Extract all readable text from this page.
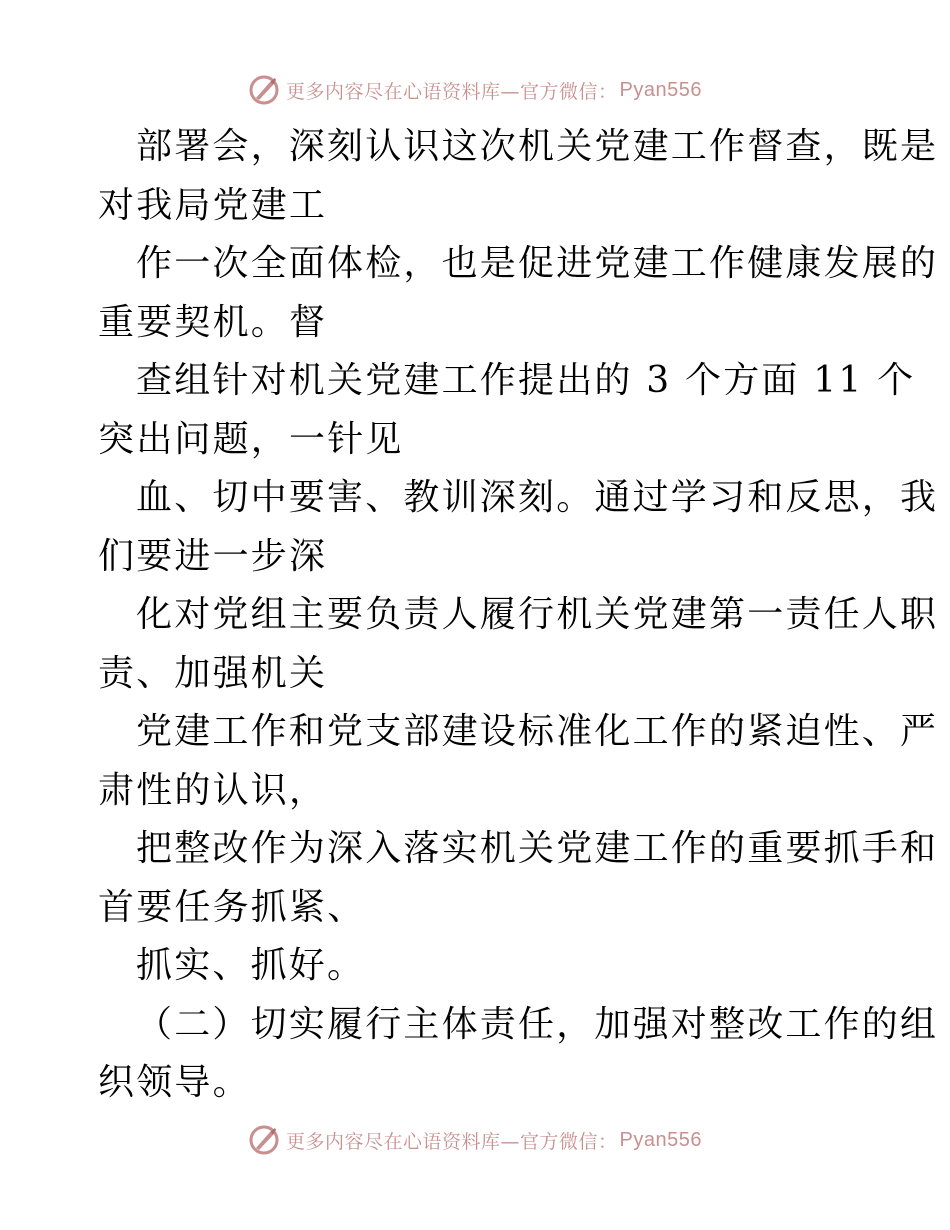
更多内容尽在心语资料库—官方微信： Pyan556
部署会，深刻认识这次机关党建工作督查，既是
对我局党建工
作一次全面体检，也是促进党建工作健康发展的
重要契机。督
查组针对机关党建工作提出的 3 个方面 11 个
突出问题，一针见
血、切中要害、教训深刻。通过学习和反思，我
们要进一步深
化对党组主要负责人履行机关党建第一责任人职
责、加强机关
党建工作和党支部建设标准化工作的紧迫性、严
肃性的认识，
把整改作为深入落实机关党建工作的重要抓手和
首要任务抓紧、
抓实、抓好。
（二）切实履行主体责任，加强对整改工作的组
织领导。
更多内容尽在心语资料库—官方微信： Pyan556
